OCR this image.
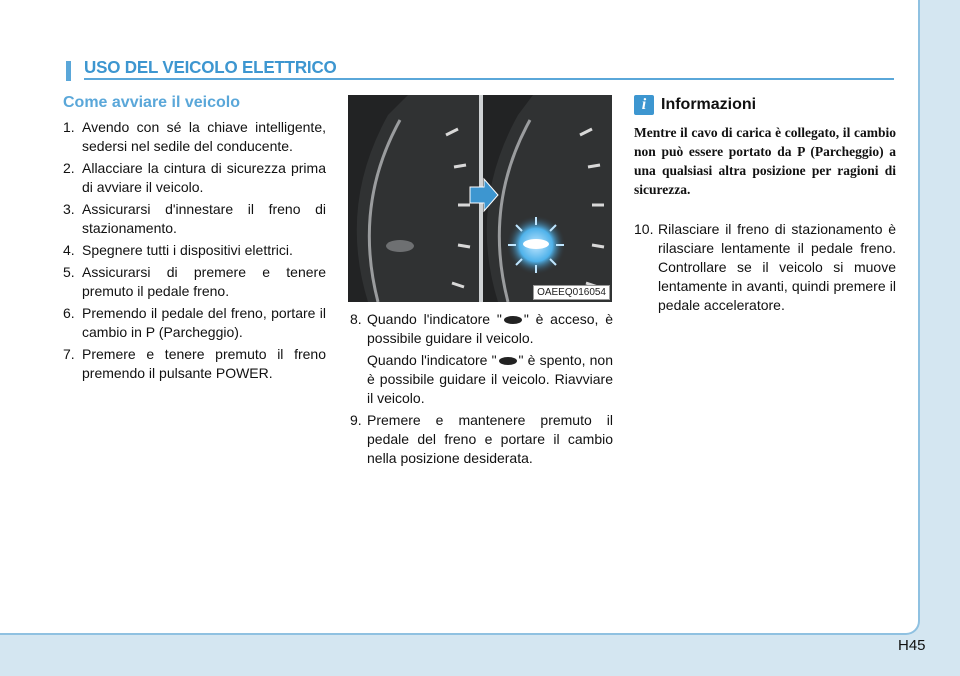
USO DEL VEICOLO ELETTRICO
Come avviare il veicolo
1. Avendo con sé la chiave intelligente, sedersi nel sedile del conducente.
2. Allacciare la cintura di sicurezza prima di avviare il veicolo.
3. Assicurarsi d'innestare il freno di stazionamento.
4. Spegnere tutti i dispositivi elettrici.
5. Assicurarsi di premere e tenere premuto il pedale freno.
6. Premendo il pedale del freno, portare il cambio in P (Parcheggio).
7. Premere e tenere premuto il freno premendo il pulsante POWER.
OAEEQ016054
8. Quando l'indicatore " " è acceso, è possibile guidare il veicolo.
Quando l'indicatore " " è spento, non è possibile guidare il veicolo. Riavviare il veicolo.
9. Premere e mantenere premuto il pedale del freno e portare il cambio nella posizione desiderata.
i Informazioni

Mentre il cavo di carica è collegato, il cambio non può essere portato da P (Parcheggio) a una qualsiasi altra posizione per ragioni di sicurezza.

10. Rilasciare il freno di stazionamento è rilasciare lentamente il pedale freno. Controllare se il veicolo si muove lentamente in avanti, quindi premere il pedale acceleratore.
H45
